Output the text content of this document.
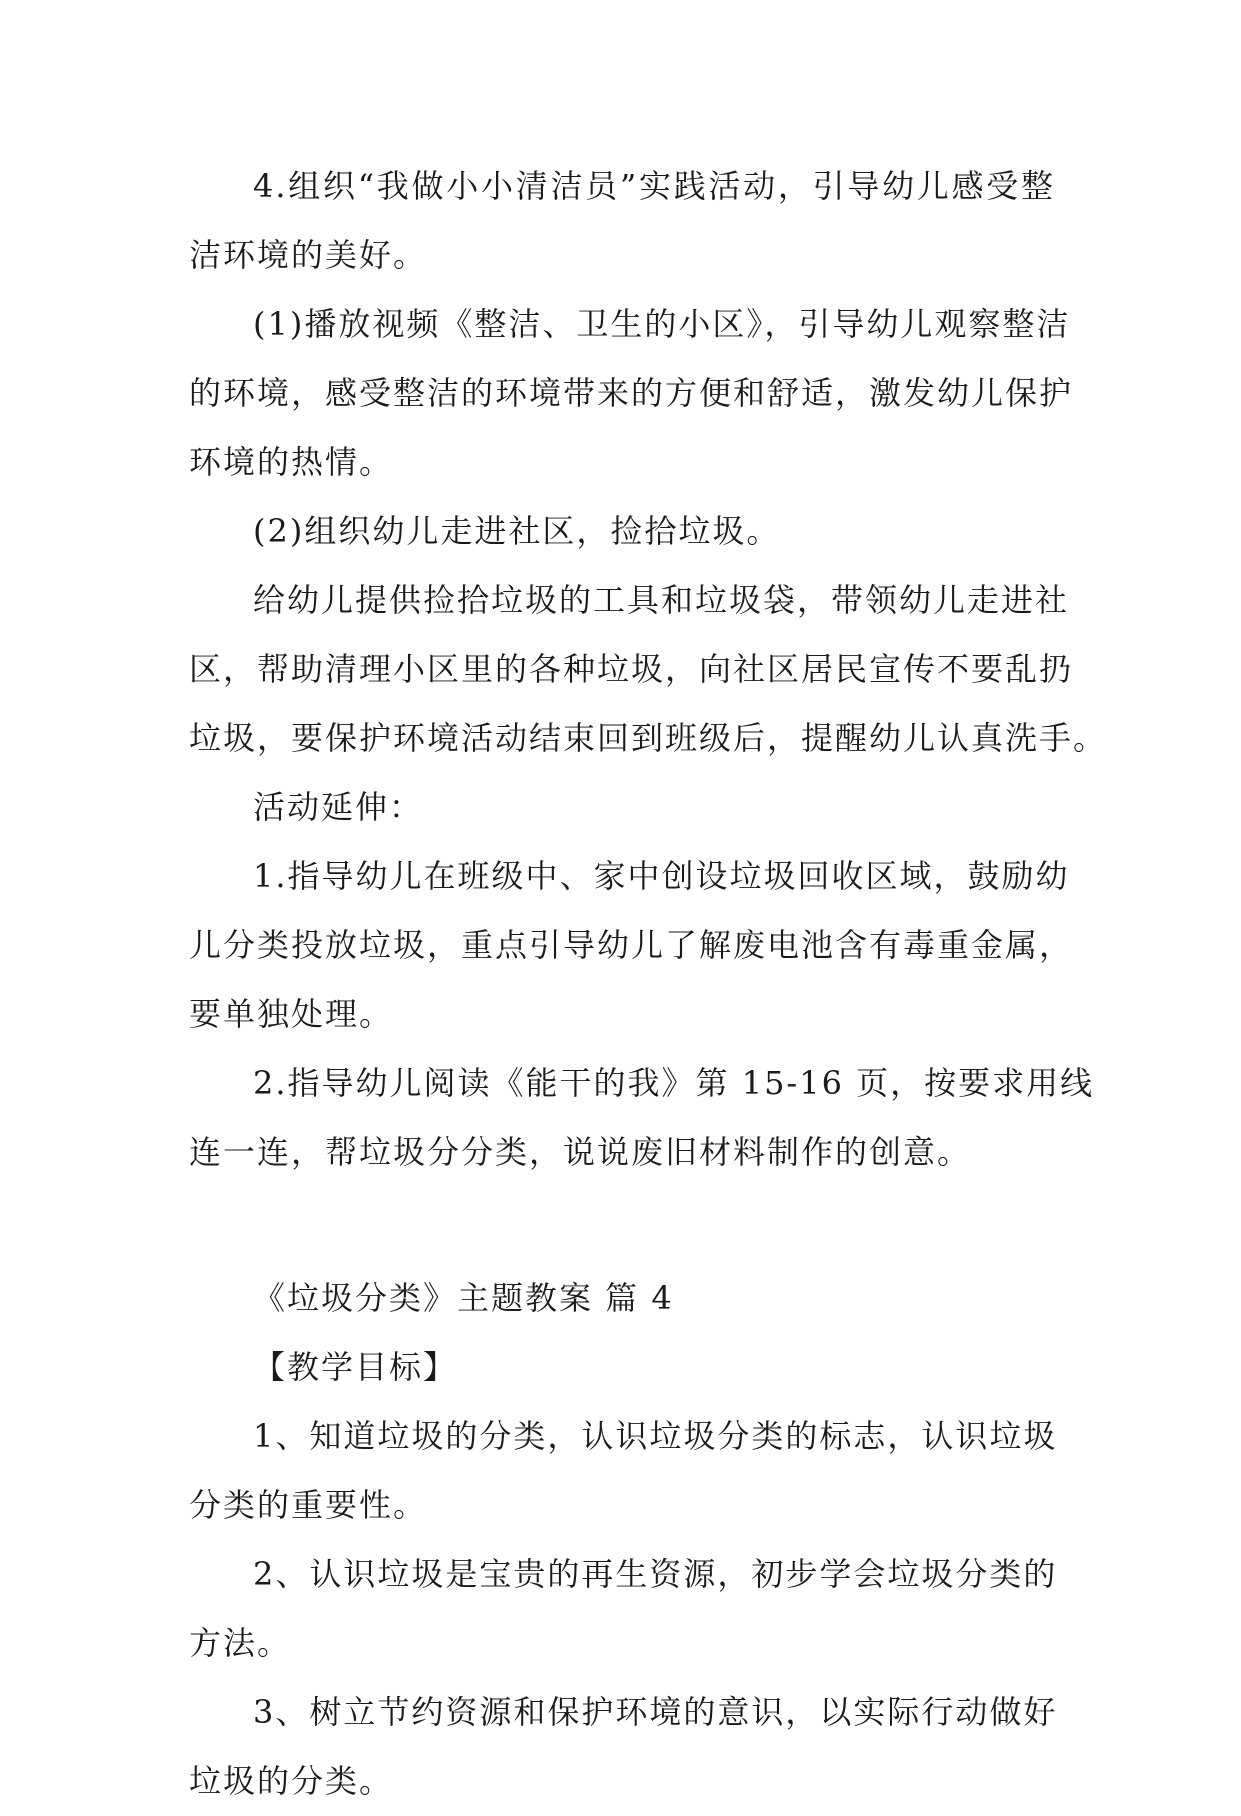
4.组织“我做小小清洁员”实践活动，引导幼儿感受整
洁环境的美好。
(1)播放视频《整洁、卫生的小区》，引导幼儿观察整洁
的环境，感受整洁的环境带来的方便和舒适，激发幼儿保护
环境的热情。
(2)组织幼儿走进社区，捡拾垃圾。
给幼儿提供捡拾垃圾的工具和垃圾袋，带领幼儿走进社
区，帮助清理小区里的各种垃圾，向社区居民宣传不要乱扔
垃圾，要保护环境活动结束回到班级后，提醒幼儿认真洗手。
活动延伸：
1.指导幼儿在班级中、家中创设垃圾回收区域，鼓励幼
儿分类投放垃圾，重点引导幼儿了解废电池含有毒重金属，
要单独处理。
2.指导幼儿阅读《能干的我》第 15-16 页，按要求用线
连一连，帮垃圾分分类，说说废旧材料制作的创意。
《垃圾分类》主题教案 篇 4
【教学目标】
1、知道垃圾的分类，认识垃圾分类的标志，认识垃圾
分类的重要性。
2、认识垃圾是宝贵的再生资源，初步学会垃圾分类的
方法。
3、树立节约资源和保护环境的意识，以实际行动做好
垃圾的分类。
